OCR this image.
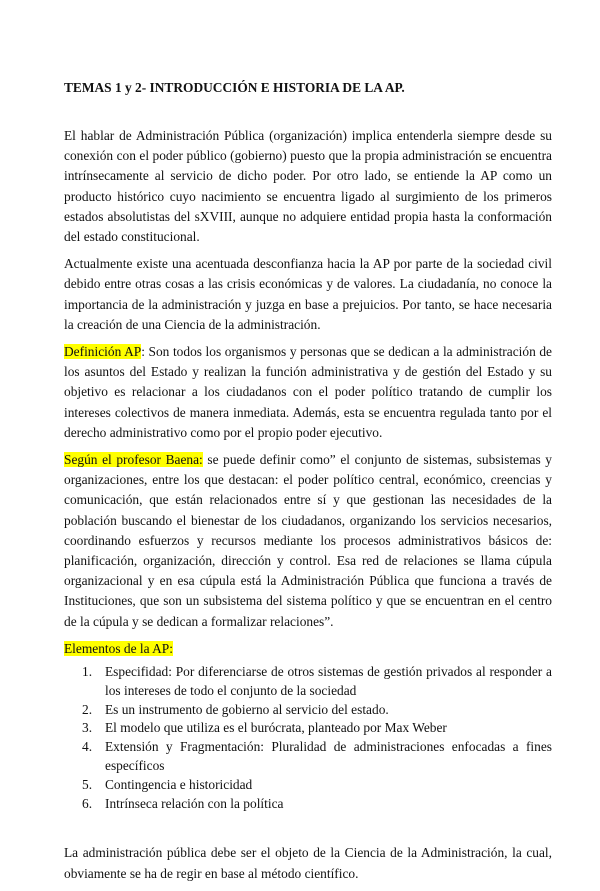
TEMAS 1 y 2- INTRODUCCIÓN E HISTORIA DE LA AP.

El hablar de Administración Pública (organización) implica entenderla siempre desde su conexión con el poder público (gobierno) puesto que la propia administración se encuentra intrínsecamente al servicio de dicho poder. Por otro lado, se entiende la AP como un producto histórico cuyo nacimiento se encuentra ligado al surgimiento de los primeros estados absolutistas del sXVIII, aunque no adquiere entidad propia hasta la conformación del estado constitucional.

Actualmente existe una acentuada desconfianza hacia la AP por parte de la sociedad civil debido entre otras cosas a las crisis económicas y de valores. La ciudadanía, no conoce la importancia de la administración y juzga en base a prejuicios. Por tanto, se hace necesaria la creación de una Ciencia de la administración.

Definición AP: Son todos los organismos y personas que se dedican a la administración de los asuntos del Estado y realizan la función administrativa y de gestión del Estado y su objetivo es relacionar a los ciudadanos con el poder político tratando de cumplir los intereses colectivos de manera inmediata. Además, esta se encuentra regulada tanto por el derecho administrativo como por el propio poder ejecutivo.

Según el profesor Baena: se puede definir como” el conjunto de sistemas, subsistemas y organizaciones, entre los que destacan: el poder político central, económico, creencias y comunicación, que están relacionados entre sí y que gestionan las necesidades de la población buscando el bienestar de los ciudadanos, organizando los servicios necesarios, coordinando esfuerzos y recursos mediante los procesos administrativos básicos de: planificación, organización, dirección y control. Esa red de relaciones se llama cúpula organizacional y en esa cúpula está la Administración Pública que funciona a través de Instituciones, que son un subsistema del sistema político y que se encuentran en el centro de la cúpula y se dedican a formalizar relaciones”.

Elementos de la AP:

1. Especifidad: Por diferenciarse de otros sistemas de gestión privados al responder a los intereses de todo el conjunto de la sociedad
2. Es un instrumento de gobierno al servicio del estado.
3. El modelo que utiliza es el burócrata, planteado por Max Weber
4. Extensión y Fragmentación: Pluralidad de administraciones enfocadas a fines específicos
5. Contingencia e historicidad
6. Intrínseca relación con la política

La administración pública debe ser el objeto de la Ciencia de la Administración, la cual, obviamente se ha de regir en base al método científico.
